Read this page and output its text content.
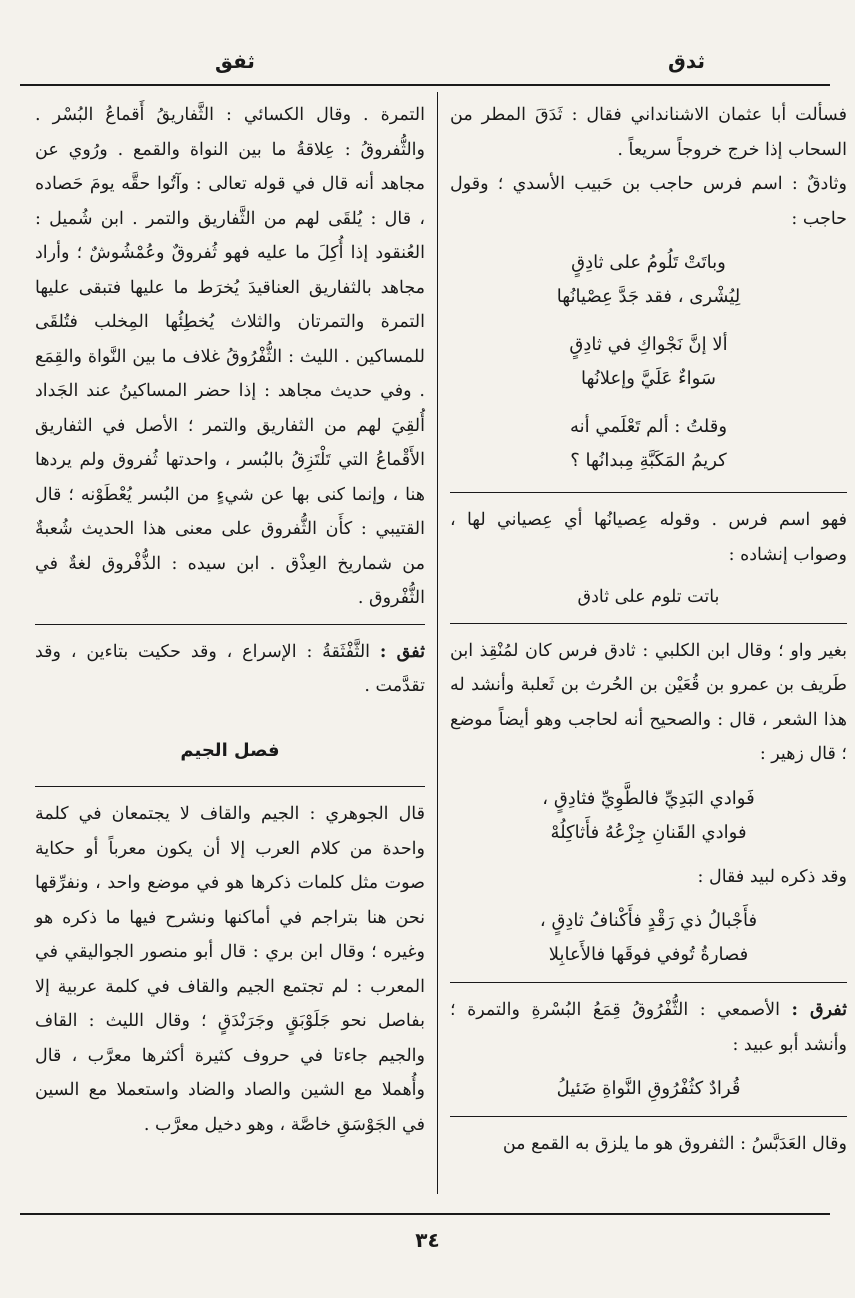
ثدق
ثفق

فسألت أبا عثمان الاشنانداني فقال : ثَدَقَ المطر من السحاب إذا خرج خروجاً سريعاً .

وثادقٌ : اسم فرس حاجب بن حَبيب الأسدي ؛ وقول حاجب :

وباتَتْ تَلُومُ على ثادِقٍ
لِيُشْرى ، فقد جَدَّ عِصْيانُها
ألا إنَّ نَجْواكِ في ثادِقٍ
سَواءٌ عَلَيَّ وإعلانُها
وقلتُ : ألم تَعْلَمي أنه
كريمُ المَكَبَّةِ مِبدانُها ؟

فهو اسم فرس . وقوله عِصيانُها أي عِصياني لها ، وصواب إنشاده :

باتت تلوم على ثادق

بغير واو ؛ وقال ابن الكلبي : ثادق فرس كان لمُنْقِذ ابن طَريف بن عمرو بن قُعَيْن بن الحُرث بن ثَعلبة وأنشد له هذا الشعر ، قال : والصحيح أنه لحاجب وهو أيضاً موضع ؛ قال زهير :

فَوادي البَدِيِّ فالطَّوِيِّ فثادِقٍ ،
فوادي القَنانِ جِزْعُهُ فأَثاكِلُهْ

وقد ذكره لبيد فقال :

فأَجْبالُ ذي رَقْدٍ فأَكْنافُ ثادِقٍ ،
فصارةُ تُوفي فوقَها فالأَعابِلا

ثفرق : الأصمعي : الثُّفْرُوقُ قِمَعُ البُسْرةِ والتمرة ؛ وأنشد أبو عبيد :

قُرادٌ كثُفْرُوقِ النَّواةِ ضَئيلُ

وقال العَدَبَّسُ : الثفروق هو ما يلزق به القمع من

التمرة . وقال الكسائي : الثَّفاريقُ أَقماعُ البُسْر . والثُّفروقُ : عِلاقةُ ما بين النواة والقمع . ورُوي عن مجاهد أنه قال في قوله تعالى : وآتُوا حقَّه يومَ حَصاده ، قال : يُلقَى لهم من الثَّفاريق والتمر . ابن شُميل : العُنقود إذا أُكِلَ ما عليه فهو ثُفروقٌ وعُمْشُوشٌ ؛ وأراد مجاهد بالثفاريق العناقيدَ يُخرَط ما عليها فتبقى عليها التمرة والتمرتان والثلاث يُخطِئُها المِخلب فتُلقَى للمساكين . الليث : الثُّفْرُوقُ غلاف ما بين النَّواة والقِمَع . وفي حديث مجاهد : إذا حضر المساكينُ عند الجَداد أُلقِيَ لهم من الثفاريق والتمر ؛ الأصل في الثفاريق الأَقْماعُ التي تَلْتَزِقُ بالبُسر ، واحدتها ثُفروق ولم يردها هنا ، وإنما كنى بها عن شيءٍ من البُسر يُعْطَوْنه ؛ قال القتيبي : كأَن الثُّفروق على معنى هذا الحديث شُعبةٌ من شماريخ العِذْق . ابن سيده : الذُّفْروق لغةٌ في الثُّفْروق .

ثفق : الثَّفْثَقةُ : الإسراع ، وقد حكيت بتاءين ، وقد تقدَّمت .

فصل الجيم

قال الجوهري : الجيم والقاف لا يجتمعان في كلمة واحدة من كلام العرب إلا أن يكون معرباً أو حكاية صوت مثل كلمات ذكرها هو في موضع واحد ، ونفرِّقها نحن هنا بتراجم في أماكنها ونشرح فيها ما ذكره هو وغيره ؛ وقال ابن بري : قال أبو منصور الجواليقي في المعرب : لم تجتمع الجيم والقاف في كلمة عربية إلا بفاصل نحو جَلَوْبَقٍ وجَرَنْدَقٍ ؛ وقال الليث : القاف والجيم جاءتا في حروف كثيرة أكثرها معرَّب ، قال وأُهملا مع الشين والصاد والضاد واستعملا مع السين في الجَوْسَقِ خاصَّة ، وهو دخيل معرَّب .

٣٤
